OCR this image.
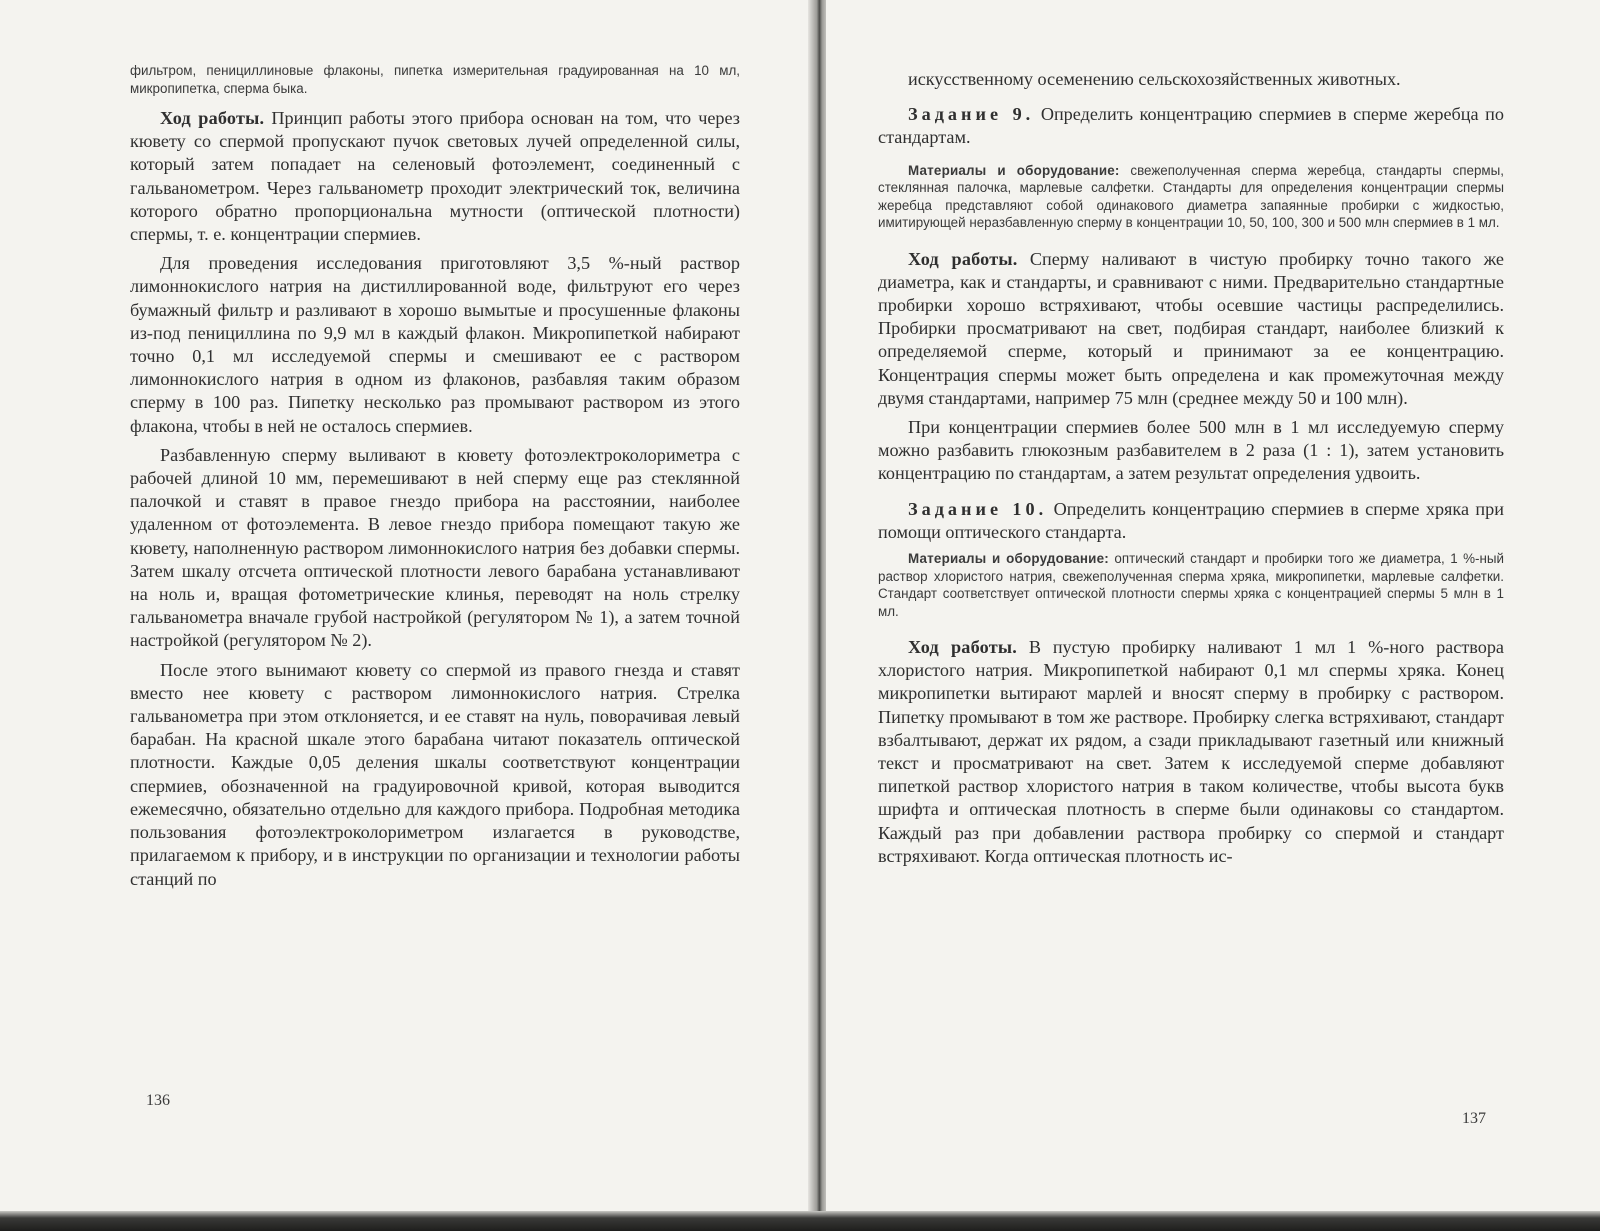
фильтром, пенициллиновые флаконы, пипетка измерительная градуированная на 10 мл, микропипетка, сперма быка.

Ход работы. Принцип работы этого прибора основан на том, что через кювету со спермой пропускают пучок световых лучей определенной силы, который затем попадает на селеновый фотоэлемент, соединенный с гальванометром. Через гальванометр проходит электрический ток, величина которого обратно пропорциональна мутности (оптической плотности) спермы, т. е. концентрации спермиев.

Для проведения исследования приготовляют 3,5 %-ный раствор лимоннокислого натрия на дистиллированной воде, фильтруют его через бумажный фильтр и разливают в хорошо вымытые и просушенные флаконы из-под пенициллина по 9,9 мл в каждый флакон. Микропипеткой набирают точно 0,1 мл исследуемой спермы и смешивают ее с раствором лимоннокислого натрия в одном из флаконов, разбавляя таким образом сперму в 100 раз. Пипетку несколько раз промывают раствором из этого флакона, чтобы в ней не осталось спермиев.

Разбавленную сперму выливают в кювету фотоэлектроколориметра с рабочей длиной 10 мм, перемешивают в ней сперму еще раз стеклянной палочкой и ставят в правое гнездо прибора на расстоянии, наиболее удаленном от фотоэлемента. В левое гнездо прибора помещают такую же кювету, наполненную раствором лимоннокислого натрия без добавки спермы. Затем шкалу отсчета оптической плотности левого барабана устанавливают на ноль и, вращая фотометрические клинья, переводят на ноль стрелку гальванометра вначале грубой настройкой (регулятором № 1), а затем точной настройкой (регулятором № 2).

После этого вынимают кювету со спермой из правого гнезда и ставят вместо нее кювету с раствором лимоннокислого натрия. Стрелка гальванометра при этом отклоняется, и ее ставят на нуль, поворачивая левый барабан. На красной шкале этого барабана читают показатель оптической плотности. Каждые 0,05 деления шкалы соответствуют концентрации спермиев, обозначенной на градуировочной кривой, которая выводится ежемесячно, обязательно отдельно для каждого прибора. Подробная методика пользования фотоэлектроколориметром излагается в руководстве, прилагаемом к прибору, и в инструкции по организации и технологии работы станций по

136

искусственному осеменению сельскохозяйственных животных.

Задание 9. Определить концентрацию спермиев в сперме жеребца по стандартам.

Материалы и оборудование: свежеполученная сперма жеребца, стандарты спермы, стеклянная палочка, марлевые салфетки. Стандарты для определения концентрации спермы жеребца представляют собой одинакового диаметра запаянные пробирки с жидкостью, имитирующей неразбавленную сперму в концентрации 10, 50, 100, 300 и 500 млн спермиев в 1 мл.

Ход работы. Сперму наливают в чистую пробирку точно такого же диаметра, как и стандарты, и сравнивают с ними. Предварительно стандартные пробирки хорошо встряхивают, чтобы осевшие частицы распределились. Пробирки просматривают на свет, подбирая стандарт, наиболее близкий к определяемой сперме, который и принимают за ее концентрацию. Концентрация спермы может быть определена и как промежуточная между двумя стандартами, например 75 млн (среднее между 50 и 100 млн).

При концентрации спермиев более 500 млн в 1 мл исследуемую сперму можно разбавить глюкозным разбавителем в 2 раза (1 : 1), затем установить концентрацию по стандартам, а затем результат определения удвоить.

Задание 10. Определить концентрацию спермиев в сперме хряка при помощи оптического стандарта.

Материалы и оборудование: оптический стандарт и пробирки того же диаметра, 1 %-ный раствор хлористого натрия, свежеполученная сперма хряка, микропипетки, марлевые салфетки. Стандарт соответствует оптической плотности спермы хряка с концентрацией спермы 5 млн в 1 мл.

Ход работы. В пустую пробирку наливают 1 мл 1 %-ного раствора хлористого натрия. Микропипеткой набирают 0,1 мл спермы хряка. Конец микропипетки вытирают марлей и вносят сперму в пробирку с раствором. Пипетку промывают в том же растворе. Пробирку слегка встряхивают, стандарт взбалтывают, держат их рядом, а сзади прикладывают газетный или книжный текст и просматривают на свет. Затем к исследуемой сперме добавляют пипеткой раствор хлористого натрия в таком количестве, чтобы высота букв шрифта и оптическая плотность в сперме были одинаковы со стандартом. Каждый раз при добавлении раствора пробирку со спермой и стандарт встряхивают. Когда оптическая плотность ис-

137
